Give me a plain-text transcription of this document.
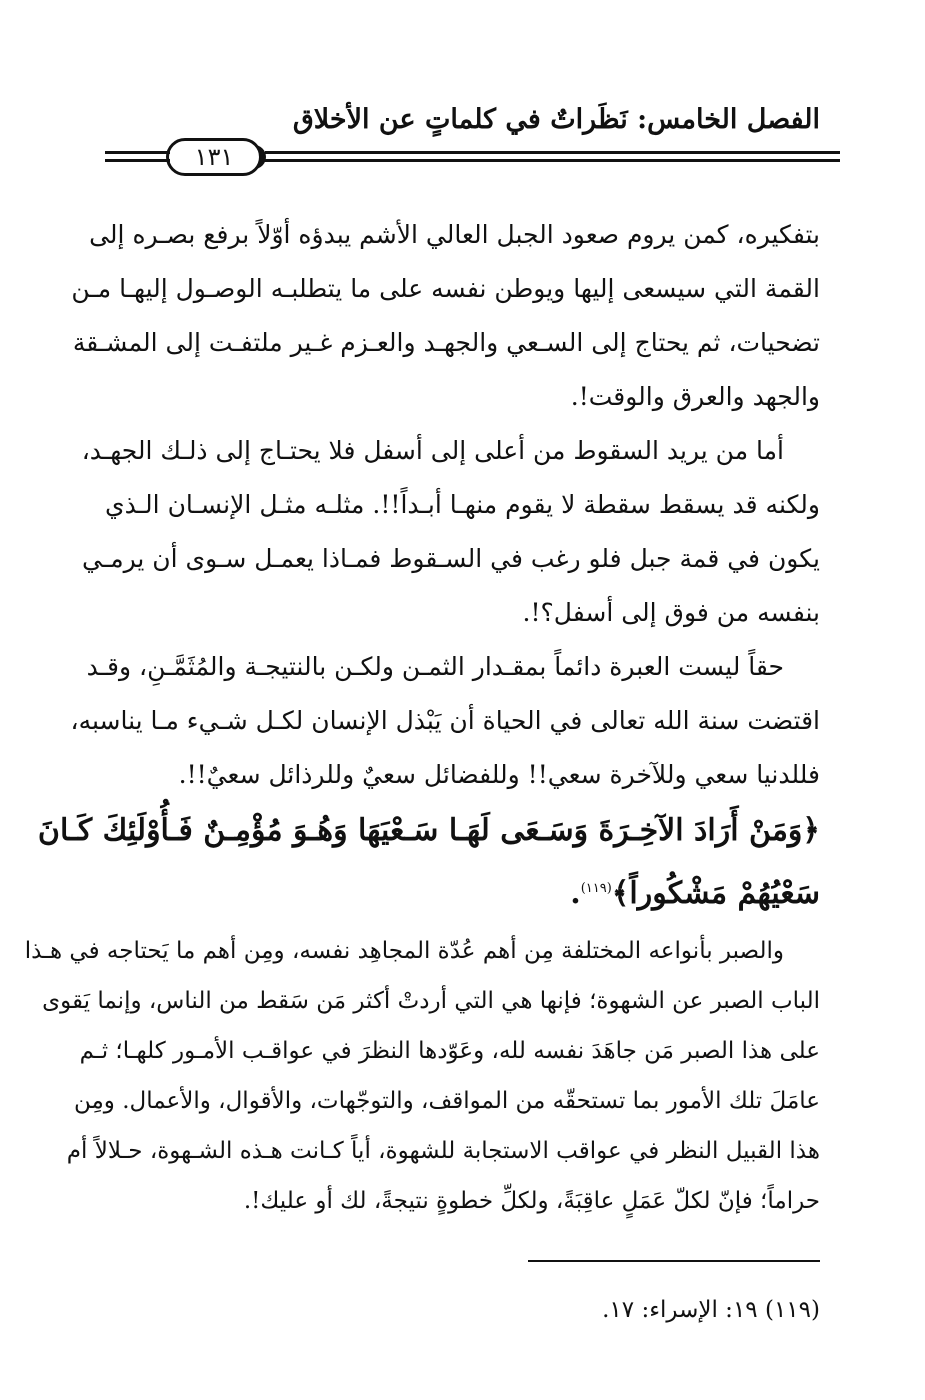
الفصل الخامس: نَظَراتٌ في كلماتٍ عن الأخلاق
١٣١
بتفكيره، كمن يروم صعود الجبل العالي الأشم يبدؤه أوّلاً برفع بصـره إلى
القمة التي سيسعى إليها ويوطن نفسه على ما يتطلبـه الوصـول إليهـا مـن
تضحيات، ثم يحتاج إلى السـعي والجهـد والعـزم غـير ملتفـت إلى المشـقة
والجهد والعرق والوقت!.
أما من يريد السقوط من أعلى إلى أسفل فلا يحتـاج إلى ذلـك الجهـد،
ولكنه قد يسقط سقطة لا يقوم منهـا أبـداً!!. مثلـه مثـل الإنسـان الـذي
يكون في قمة جبل فلو رغب في السـقوط فمـاذا يعمـل سـوى أن يرمـي
بنفسه من فوق إلى أسفل؟!.
حقاً ليست العبرة دائماً بمقـدار الثمـن ولكـن بالنتيجـة والمُثَمَّـنِ، وقـد
اقتضت سنة الله تعالى في الحياة أن يَبْذل الإنسان لكـل شـيء مـا يناسبه،
فللدنيا سعي وللآخرة سعي!! وللفضائل سعيٌ وللرذائل سعيٌ!!.
﴿وَمَنْ أَرَادَ الآخِـرَةَ وَسَـعَى لَهَـا سَـعْيَهَا وَهُـوَ مُؤْمِـنٌ فَـأُوْلَئِكَ كَـانَ
سَعْيُهُمْ مَشْكُوراً﴾$^{(١١٩)}$.
والصبر بأنواعه المختلفة مِن أهم عُدّة المجاهِد نفسه، ومِن أهم ما يَحتاجه في هـذا
الباب الصبر عن الشهوة؛ فإنها هي التي أردتْ أكثر مَن سَقط من الناس، وإنما يَقوى
على هذا الصبر مَن جاهَدَ نفسه لله، وعَوّدها النظرَ في عواقـب الأمـور كلهـا؛ ثـم
عامَلَ تلك الأمور بما تستحقّه من المواقف، والتوجّهات، والأقوال، والأعمال. ومِن
هذا القبيل النظر في عواقب الاستجابة للشهوة، أياً كـانت هـذه الشـهوة، حـلالاً أم
حراماً؛ فإنّ لكلّ عَمَلٍ عاقِبَةً، ولكلِّ خطوةٍ نتيجةً، لك أو عليك!.
(١١٩) ١٩: الإسراء: ١٧.
